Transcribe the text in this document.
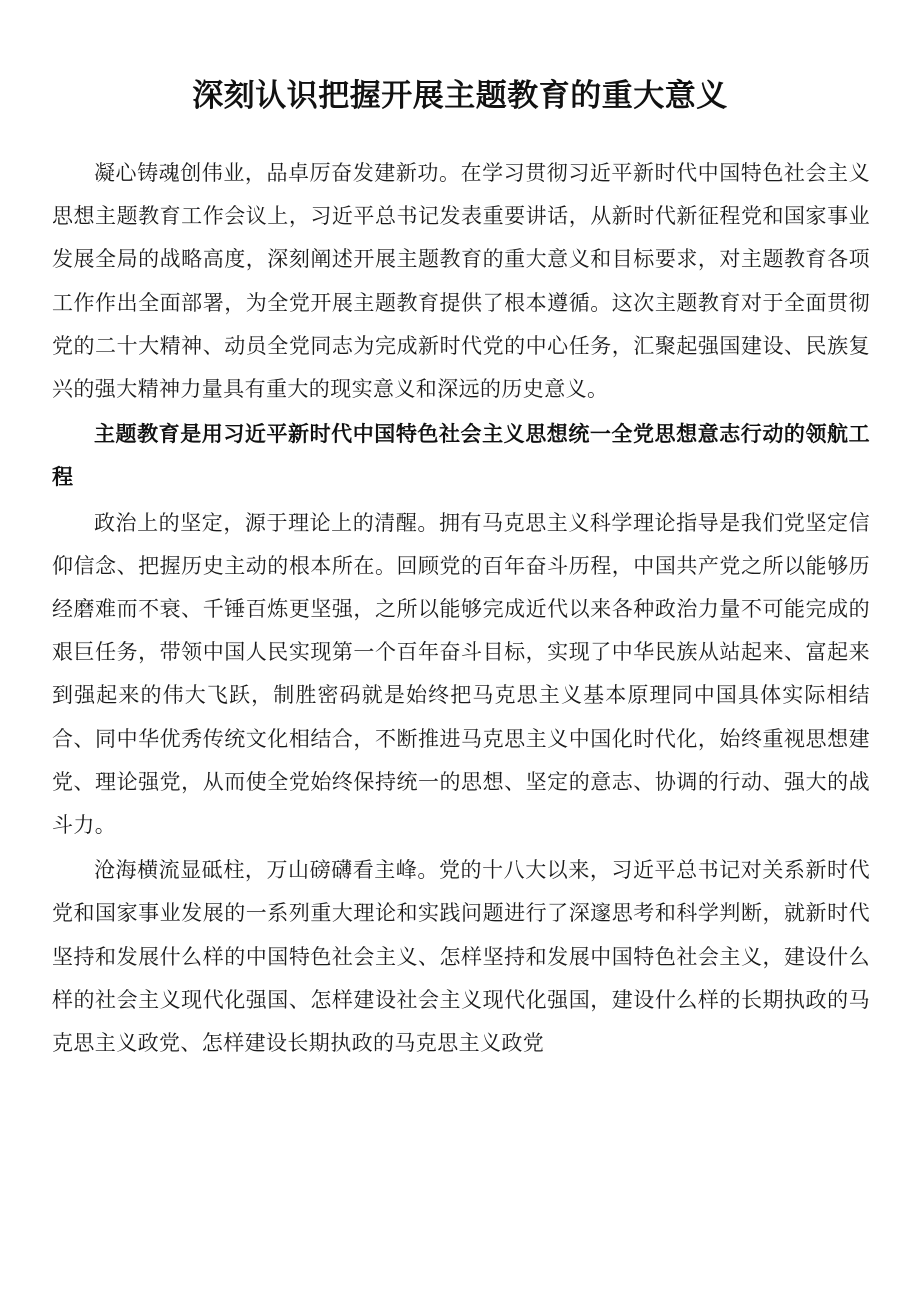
深刻认识把握开展主题教育的重大意义

凝心铸魂创伟业，品卓厉奋发建新功。在学习贯彻习近平新时代中国特色社会主义思想主题教育工作会议上，习近平总书记发表重要讲话，从新时代新征程党和国家事业发展全局的战略高度，深刻阐述开展主题教育的重大意义和目标要求，对主题教育各项工作作出全面部署，为全党开展主题教育提供了根本遵循。这次主题教育对于全面贯彻党的二十大精神、动员全党同志为完成新时代党的中心任务，汇聚起强国建设、民族复兴的强大精神力量具有重大的现实意义和深远的历史意义。

主题教育是用习近平新时代中国特色社会主义思想统一全党思想意志行动的领航工程

政治上的坚定，源于理论上的清醒。拥有马克思主义科学理论指导是我们党坚定信仰信念、把握历史主动的根本所在。回顾党的百年奋斗历程，中国共产党之所以能够历经磨难而不衰、千锤百炼更坚强，之所以能够完成近代以来各种政治力量不可能完成的艰巨任务，带领中国人民实现第一个百年奋斗目标，实现了中华民族从站起来、富起来到强起来的伟大飞跃，制胜密码就是始终把马克思主义基本原理同中国具体实际相结合、同中华优秀传统文化相结合，不断推进马克思主义中国化时代化，始终重视思想建党、理论强党，从而使全党始终保持统一的思想、坚定的意志、协调的行动、强大的战斗力。

沧海横流显砥柱，万山磅礴看主峰。党的十八大以来，习近平总书记对关系新时代党和国家事业发展的一系列重大理论和实践问题进行了深邃思考和科学判断，就新时代坚持和发展什么样的中国特色社会主义、怎样坚持和发展中国特色社会主义，建设什么样的社会主义现代化强国、怎样建设社会主义现代化强国，建设什么样的长期执政的马克思主义政党、怎样建设长期执政的马克思主义政党
